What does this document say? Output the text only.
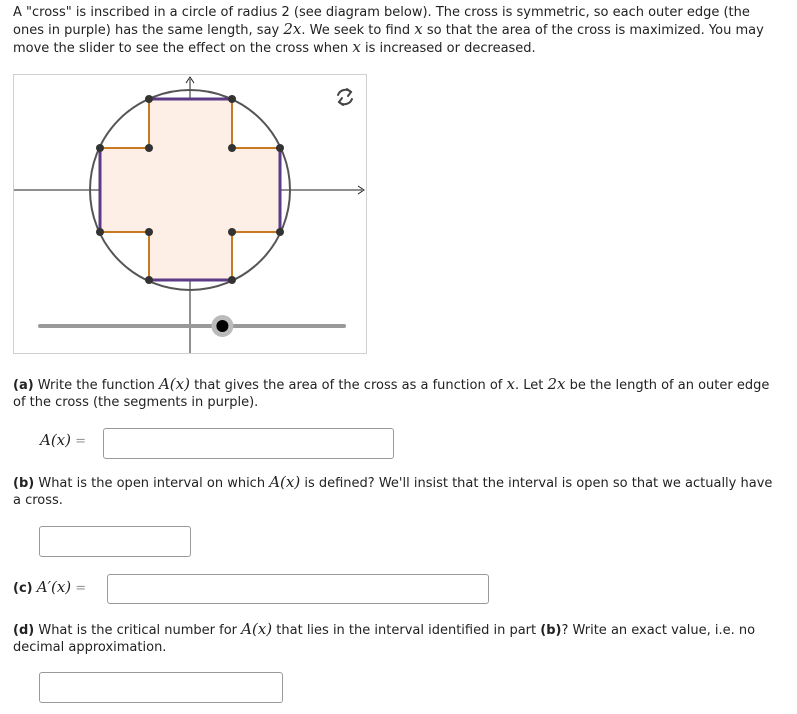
A "cross" is inscribed in a circle of radius 2 (see diagram below). The cross is symmetric, so each outer edge (the ones in purple) has the same length, say 2x. We seek to find x so that the area of the cross is maximized. You may move the slider to see the effect on the cross when x is increased or decreased.
(a) Write the function A(x) that gives the area of the cross as a function of x. Let 2x be the length of an outer edge of the cross (the segments in purple).
A(x) =
(b) What is the open interval on which A(x) is defined? We'll insist that the interval is open so that we actually have a cross.
(c) A′(x) =
(d) What is the critical number for A(x) that lies in the interval identified in part (b)? Write an exact value, i.e. no decimal approximation.
